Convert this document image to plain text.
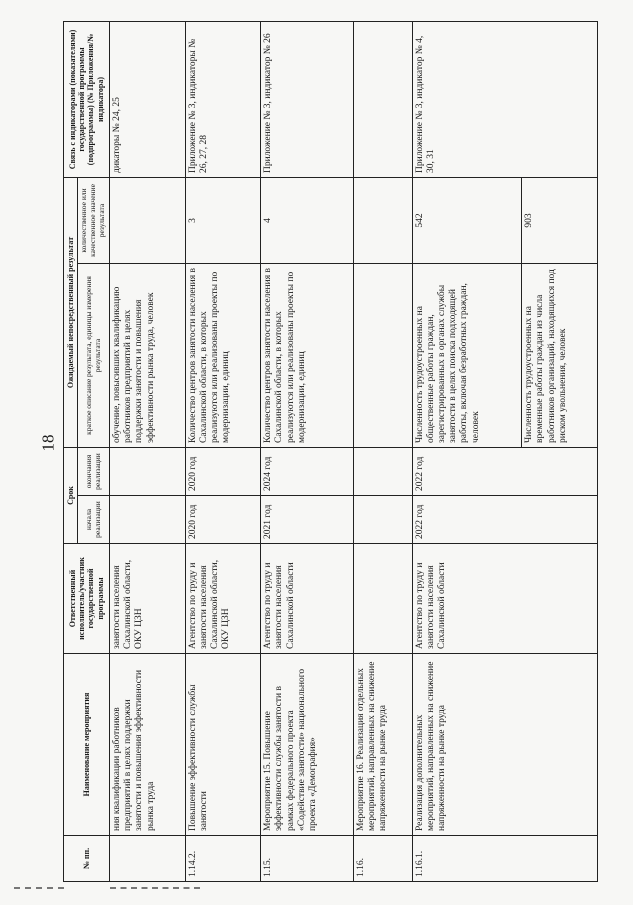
18
№ пп.	Наименование мероприятия	Ответственный исполнитель/участник государственной программы	Срок		Ожидаемый непосредственный результат		Связь с индикаторами (показателями) государственной программы (подпрограммы) (№ Приложения/№ индикатора)
			начала реализации	окончания реализации	краткое описание результата, единицы измерения результата	количественное или качественное значение результата	
	ния квалификации работников предприятий в целях поддержки занятости и повышения эффективности рынка труда	занятости населения Сахалинской области, ОКУ ЦЗН			обучение, повысивших квалификацию работников предприятий в целях поддержки занятости и повышения эффективности рынка труда, человек		дикаторы № 24, 25
1.14.2.	Повышение эффективности службы занятости	Агентство по труду и занятости населения Сахалинской области, ОКУ ЦЗН	2020 год	2020 год	Количество центров занятости населения в Сахалинской области, в которых реализуются или реализованы проекты по модернизации, единиц	3	Приложение № 3, индикаторы № 26, 27, 28
1.15.	Мероприятие 15. Повышение эффективности службы занятости в рамках федерального проекта «Содействие занятости» национального проекта «Демография»	Агентство по труду и занятости населения Сахалинской области	2021 год	2024 год	Количество центров занятости населения в Сахалинской области, в которых реализуются или реализованы проекты по модернизации, единиц	4	Приложение № 3, индикатор № 26
1.16.	Мероприятие 16. Реализация отдельных мероприятий, направленных на снижение напряженности на рынке труда						
1.16.1.	Реализация дополнительных мероприятий, направленных на снижение напряженности на рынке труда	Агентство по труду и занятости населения Сахалинской области	2022 год	2022 год	Численность трудоустроенных на общественные работы граждан, зарегистрированных в органах службы занятости в целях поиска подходящей работы, включая безработных граждан, человек	542	Приложение № 3, индикатор № 4, 30, 31
					Численность трудоустроенных на временные работы граждан из числа работников организаций, находящихся под риском увольнения, человек	903	
